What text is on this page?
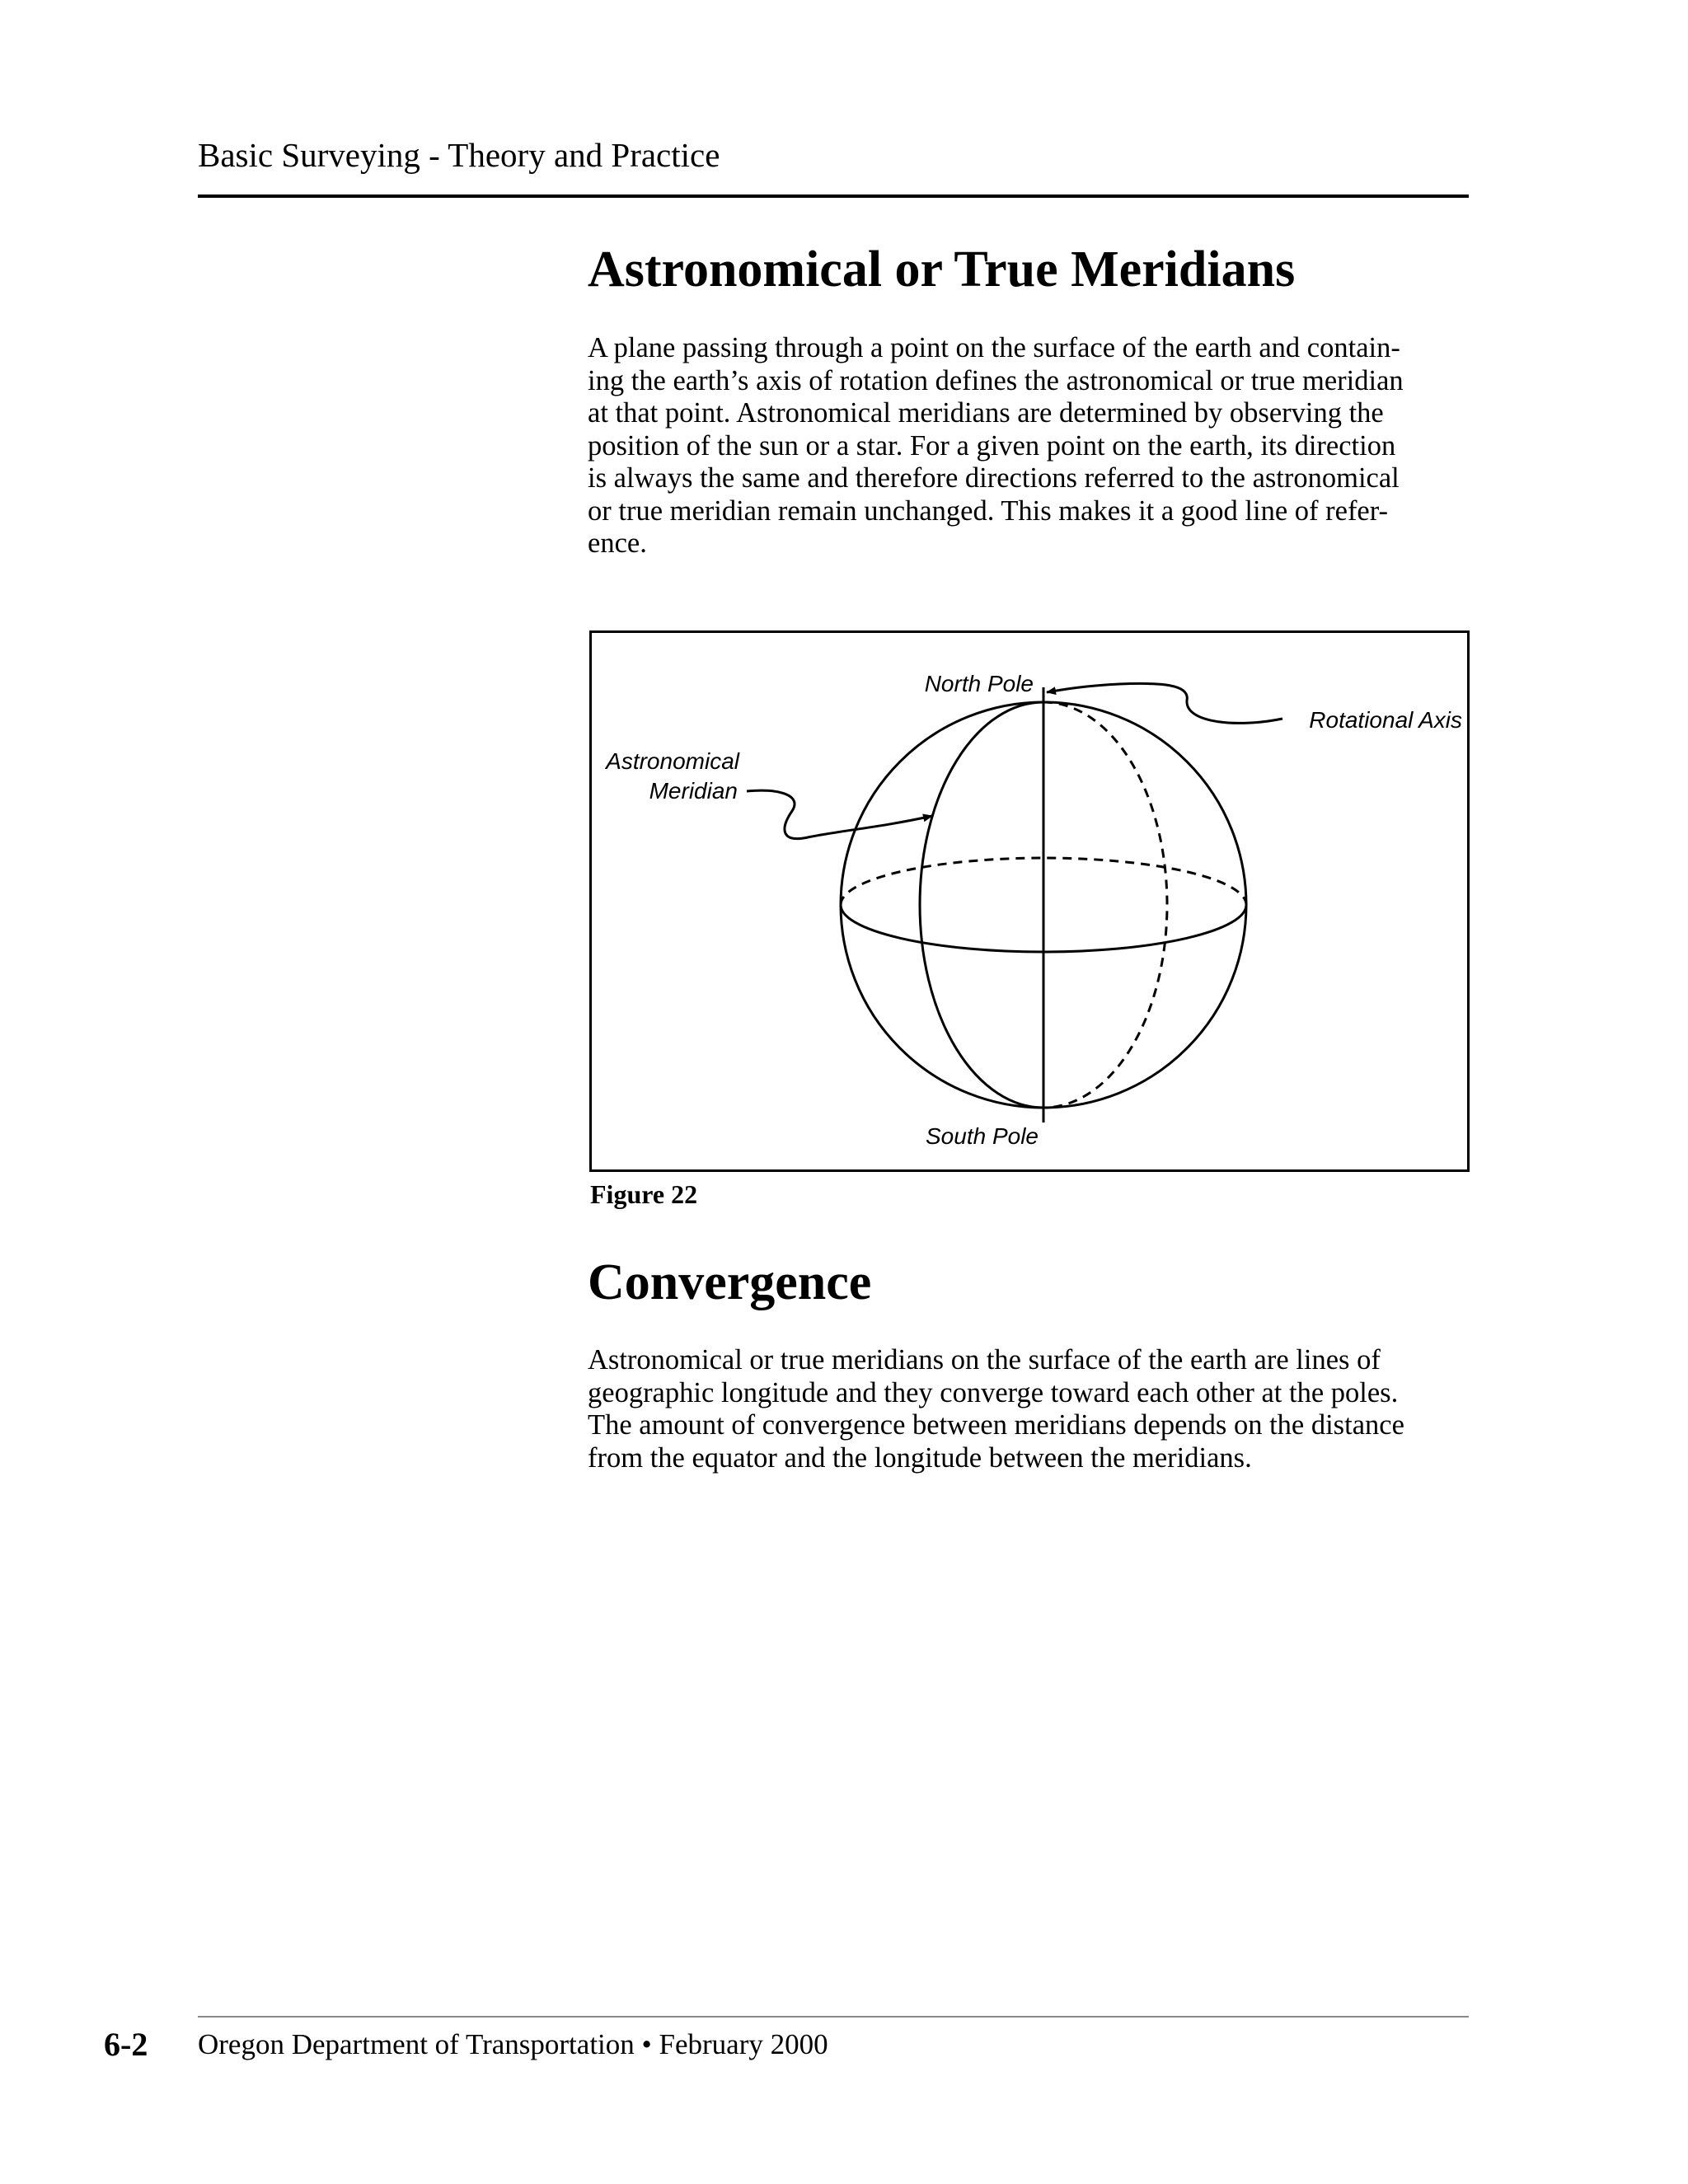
Basic Surveying - Theory and Practice
Astronomical or True Meridians

A plane passing through a point on the surface of the earth and contain-
ing the earth’s axis of rotation defines the astronomical or true meridian
at that point. Astronomical meridians are determined by observing the
position of the sun or a star. For a given point on the earth, its direction
is always the same and therefore directions referred to the astronomical
or true meridian remain unchanged. This makes it a good line of refer-
ence.

North Pole
Rotational Axis
Astronomical
Meridian
South Pole
Figure 22
Convergence

Astronomical or true meridians on the surface of the earth are lines of
geographic longitude and they converge toward each other at the poles.
The amount of convergence between meridians depends on the distance
from the equator and the longitude between the meridians.

6-2 Oregon Department of Transportation • February 2000
